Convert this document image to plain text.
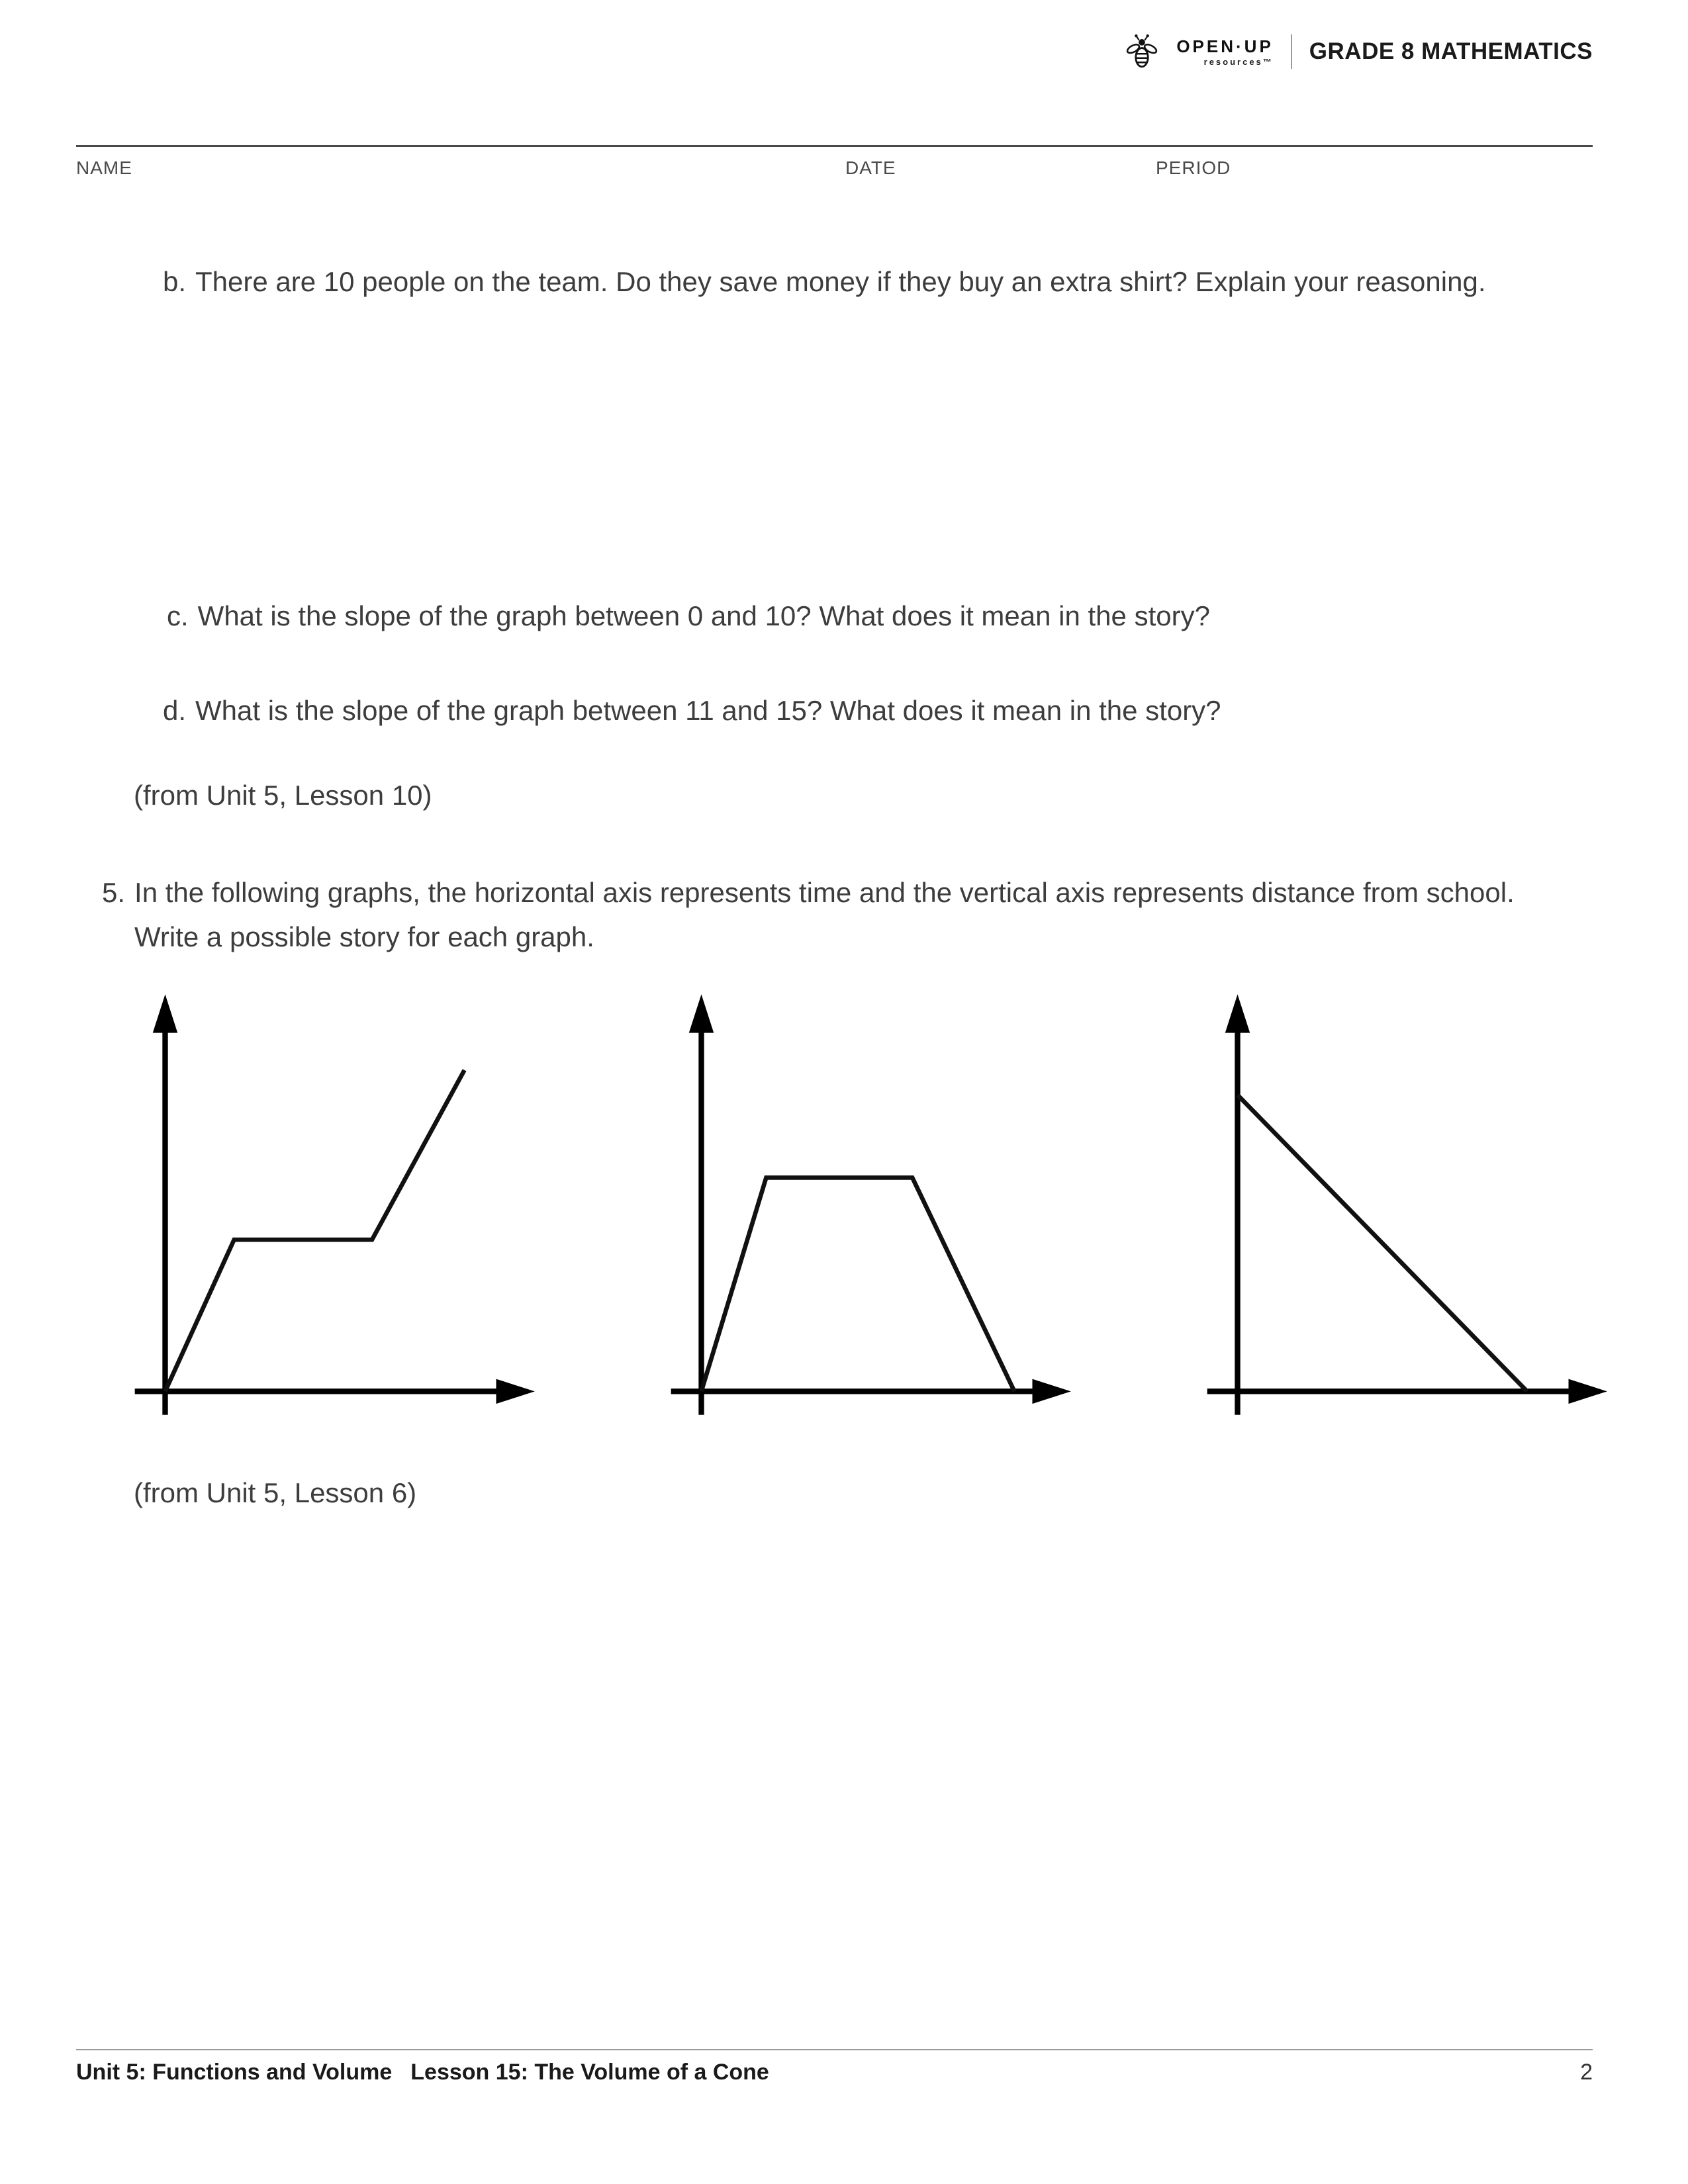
OPEN·UP
resources™ GRADE 8 MATHEMATICS
NAME	DATE	PERIOD
b. There are 10 people on the team. Do they save money if they buy an extra shirt? Explain your reasoning.
c. What is the slope of the graph between 0 and 10? What does it mean in the story?
d. What is the slope of the graph between 11 and 15? What does it mean in the story?
(from Unit 5, Lesson 10)
5. In the following graphs, the horizontal axis represents time and the vertical axis represents distance from school. Write a possible story for each graph.
(from Unit 5, Lesson 6)
Unit 5: Functions and Volume Lesson 15: The Volume of a Cone	2
